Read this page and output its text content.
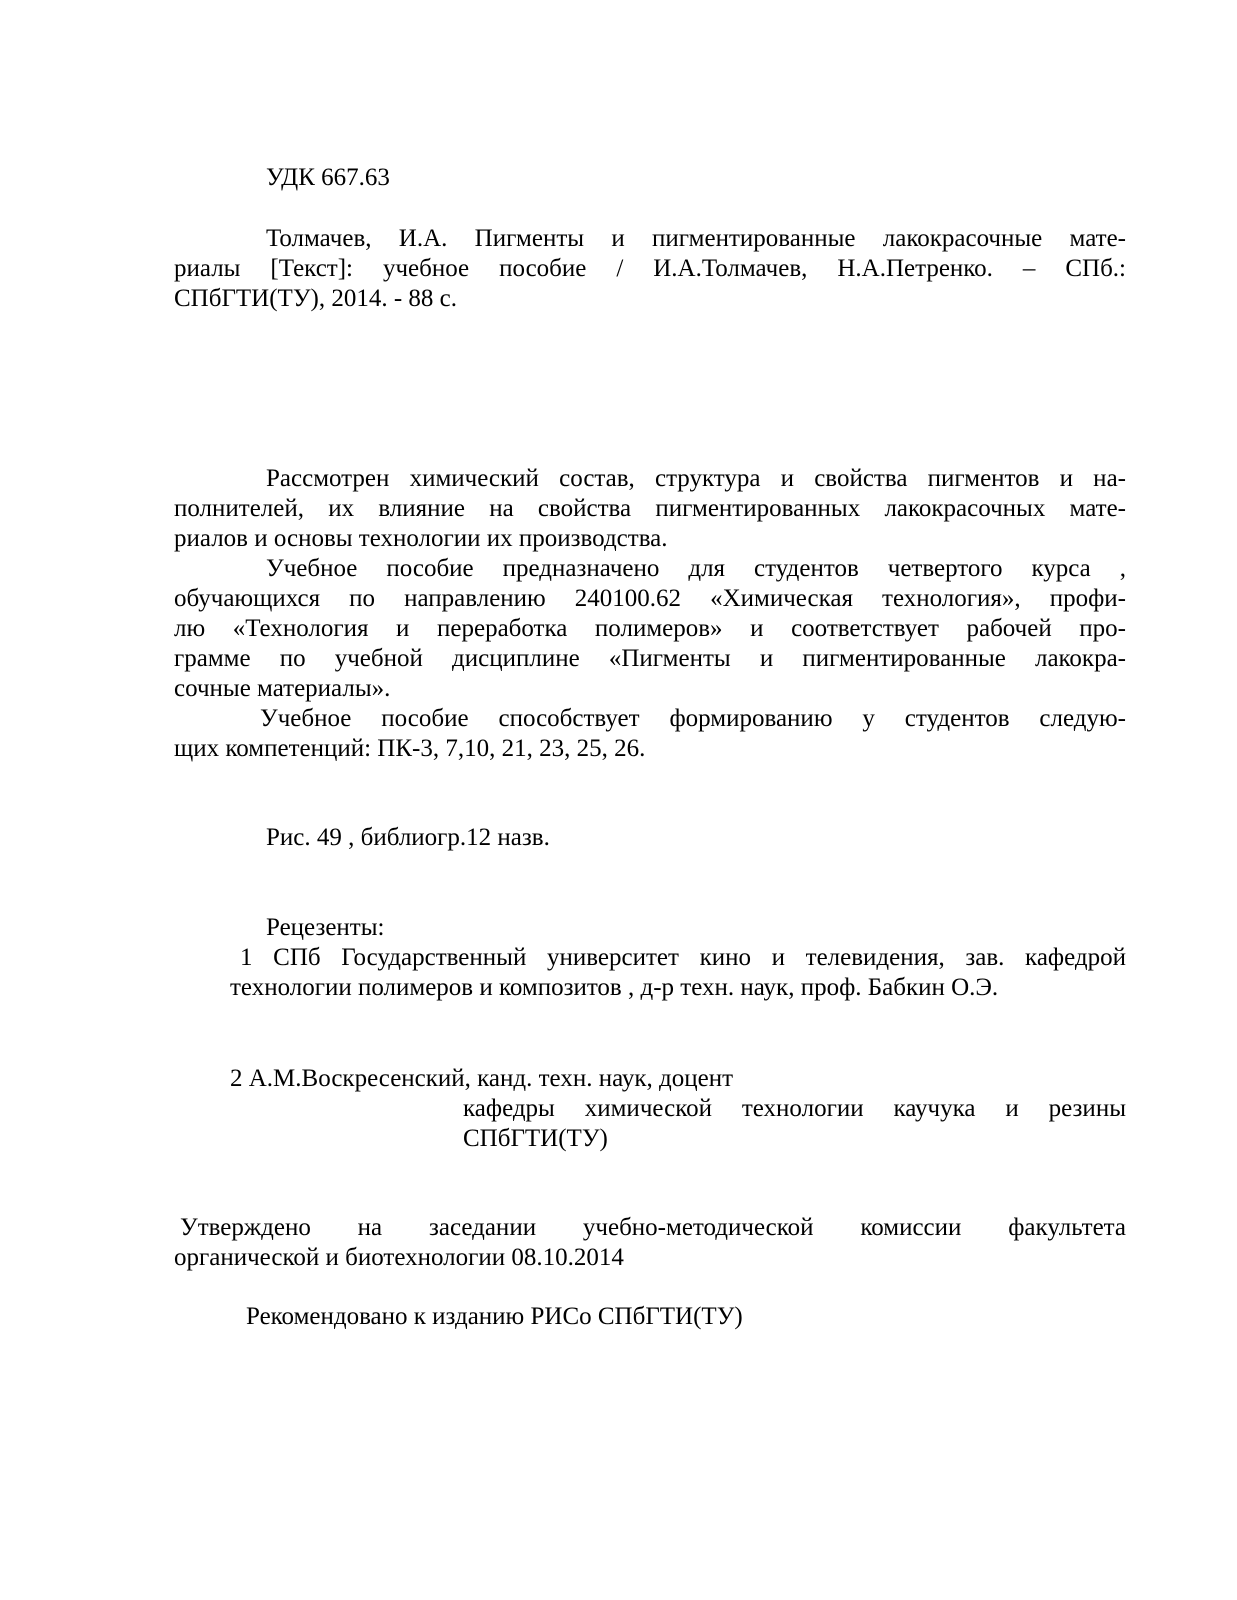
УДК 667.63
Толмачев, И.А. Пигменты и пигментированные лакокрасочные мате-
риалы [Текст]: учебное пособие / И.А.Толмачев, Н.А.Петренко. – СПб.:
СПбГТИ(ТУ), 2014. - 88 с.
Рассмотрен химический состав, структура и свойства пигментов и на-
полнителей, их влияние на свойства пигментированных лакокрасочных мате-
риалов и основы технологии их производства.
Учебное пособие предназначено для студентов четвертого курса ,
обучающихся по направлению 240100.62 «Химическая технология», профи-
лю «Технология и переработка полимеров» и соответствует рабочей про-
грамме по учебной дисциплине «Пигменты и пигментированные лакокра-
сочные материалы».
Учебное пособие способствует формированию у студентов следую-
щих компетенций: ПК-3, 7,10, 21, 23, 25, 26.
Рис. 49 , библиогр.12 назв.
Рецезенты:
1 СПб Государственный университет кино и телевидения, зав. кафедрой
технологии полимеров и композитов , д-р техн. наук, проф. Бабкин О.Э.
2 А.М.Воскресенский, канд. техн. наук, доцент
кафедры химической технологии каучука и резины
СПбГТИ(ТУ)
Утверждено на заседании учебно-методической комиссии факультета
органической и биотехнологии 08.10.2014
Рекомендовано к изданию РИСо СПбГТИ(ТУ)
